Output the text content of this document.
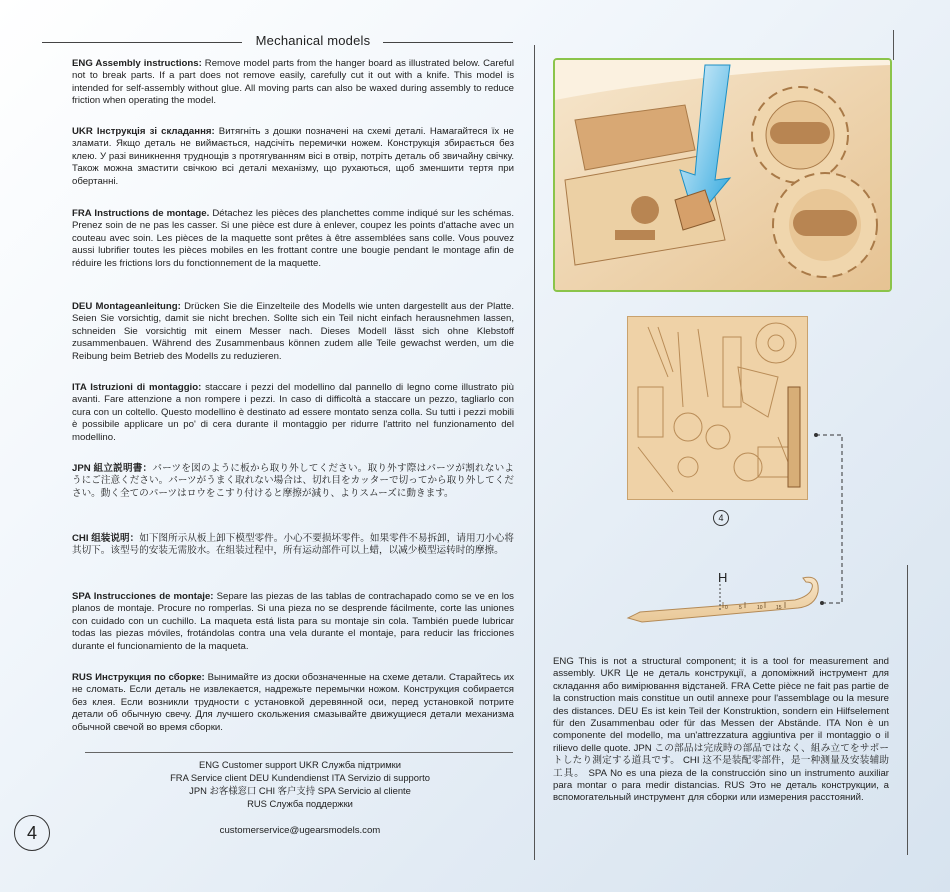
Mechanical models

ENG Assembly instructions: Remove model parts from the hanger board as illustrated below. Careful not to break parts. If a part does not remove easily, carefully cut it out with a knife. This model is intended for self-assembly without glue. All moving parts can also be waxed during assembly to reduce friction when operating the model.

UKR Інструкція зі складання: Витягніть з дошки позначені на схемі деталі. Намагайтеся їх не зламати. Якщо деталь не виймається, надсічіть перемички ножем. Конструкція збирається без клею. У разі виникнення труднощів з протягуванням вісі в отвір, потріть деталь об звичайну свічку. Також можна змастити свічкою всі деталі механізму, що рухаються, щоб зменшити тертя при обертанні.

FRA Instructions de montage. Détachez les pièces des planchettes comme indiqué sur les schémas. Prenez soin de ne pas les casser. Si une pièce est dure à enlever, coupez les points d'attache avec un couteau avec soin. Les pièces de la maquette sont prêtes à être assemblées sans colle. Vous pouvez aussi lubrifier toutes les pièces mobiles en les frottant contre une bougie pendant le montage afin de réduire les frictions lors du fonctionnement de la maquette.

DEU Montageanleitung: Drücken Sie die Einzelteile des Modells wie unten dargestellt aus der Platte. Seien Sie vorsichtig, damit sie nicht brechen. Sollte sich ein Teil nicht einfach herausnehmen lassen, schneiden Sie vorsichtig mit einem Messer nach. Dieses Modell lässt sich ohne Klebstoff zusammenbauen. Während des Zusammenbaus können zudem alle Teile gewachst werden, um die Reibung beim Betrieb des Modells zu reduzieren.

ITA Istruzioni di montaggio: staccare i pezzi del modellino dal pannello di legno come illustrato più avanti. Fare attenzione a non rompere i pezzi. In caso di difficoltà a staccare un pezzo, tagliarlo con cura con un coltello. Questo modellino è destinato ad essere montato senza colla. Su tutti i pezzi mobili è possibile applicare un po' di cera durante il montaggio per ridurre l'attrito nel funzionamento del modellino.

JPN 組立説明書：パーツを図のように板から取り外してください。取り外す際はパーツが割れないようにご注意ください。パーツがうまく取れない場合は、切れ目をカッターで切ってから取り外してください。動く全てのパーツはロウをこすり付けると摩擦が減り、よりスムーズに動きます。

CHI 组装说明：如下图所示从板上卸下模型零件。小心不要损坏零件。如果零件不易拆卸，请用刀小心将其切下。该型号的安装无需胶水。在组装过程中，所有运动部件可以上蜡，以减少模型运转时的摩擦。

SPA Instrucciones de montaje: Separe las piezas de las tablas de contrachapado como se ve en los planos de montaje. Procure no romperlas. Si una pieza no se desprende fácilmente, corte las uniones con cuidado con un cuchillo. La maqueta está lista para su montaje sin cola. También puede lubricar todas las piezas móviles, frotándolas contra una vela durante el montaje, para reducir las fricciones durante el funcionamiento de la maqueta.

RUS Инструкция по сборке: Вынимайте из доски обозначенные на схеме детали. Старайтесь их не сломать. Если деталь не извлекается, надрежьте перемычки ножом. Конструкция собирается без клея. Если возникли трудности с установкой деревянной оси, перед установкой потрите детали об обычную свечу. Для лучшего скольжения смазывайте движущиеся детали механизма обычной свечой во время сборки.

ENG Customer support UKR Служба підтримки
FRA Service client DEU Kundendienst ITA Servizio di supporto
JPN お客様窓口 CHI 客户支持 SPA Servicio al cliente
RUS Служба поддержки
customerservice@ugearsmodels.com
4
4
H
0 5	10	15

ENG This is not a structural component; it is a tool for measurement and assembly. UKR Це не деталь конструкції, а допоміжний інструмент для складання або вимірювання відстаней. FRA Cette pièce ne fait pas partie de la construction mais constitue un outil annexe pour l'assemblage ou la mesure des distances. DEU Es ist kein Teil der Konstruktion, sondern ein Hilfselement für den Zusammenbau oder für das Messen der Abstände. ITA Non è un componente del modello, ma un'attrezzatura aggiuntiva per il montaggio o il rilievo delle quote. JPN この部品は完成時の部品ではなく、組み立てをサポートしたり測定する道具です。 CHI 这不是装配零部件，是一种测量及安装辅助工具。 SPA No es una pieza de la construcción sino un instrumento auxiliar para montar o para medir distancias. RUS Это не деталь конструкции, а вспомогательный инструмент для сборки или измерения расстояний.
